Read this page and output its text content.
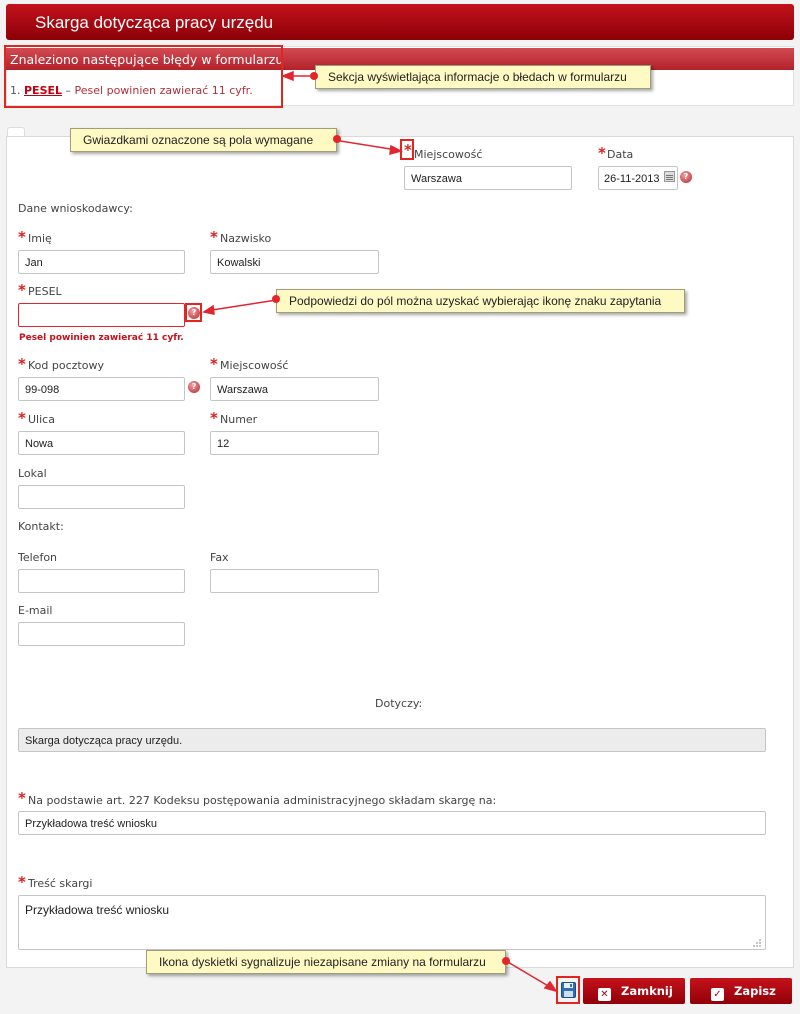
Skarga dotycząca pracy urzędu
Znaleziono następujące błędy w formularzu
1. PESEL – Pesel powinien zawierać 11 cyfr.
* Miejscowość
Warszawa
* Data
26-11-2013	?
Dane wnioskodawcy:
* Imię
Jan
* Nazwisko
Kowalski
* PESEL
?
Pesel powinien zawierać 11 cyfr.
* Kod pocztowy
99-098	?
* Miejscowość
Warszawa
* Ulica
Nowa
* Numer
12
Lokal
Kontakt:
Telefon	Fax
E-mail
Dotyczy:
Skarga dotycząca pracy urzędu.
* Na podstawie art. 227 Kodeksu postępowania administracyjnego składam skargę na:
Przykładowa treść wniosku
* Treść skargi
Przykładowa treść wniosku
✕ Zamknij	✓ Zapisz
Sekcja wyświetlająca informacje o błedach w formularzu
Gwiazdkami oznaczone są pola wymagane
Podpowiedzi do pól można uzyskać wybierając ikonę znaku zapytania
Ikona dyskietki sygnalizuje niezapisane zmiany na formularzu
